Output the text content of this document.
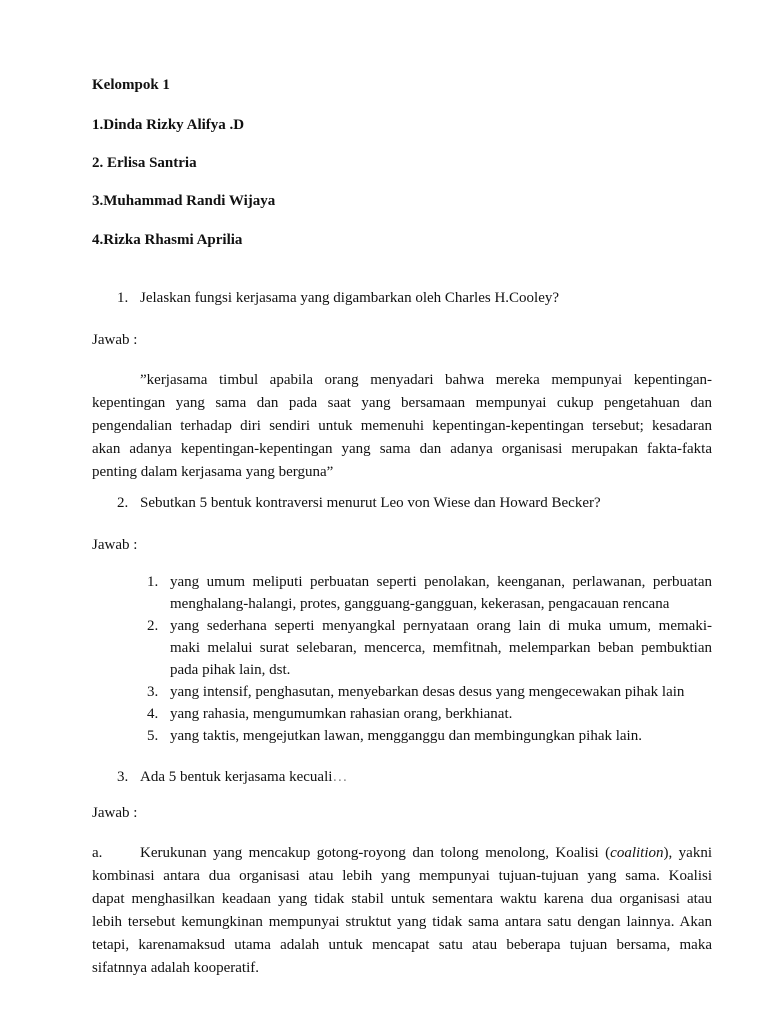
Kelompok 1
1.Dinda Rizky Alifya .D
2. Erlisa Santria
3.Muhammad Randi Wijaya
4.Rizka Rhasmi Aprilia
1. Jelaskan fungsi kerjasama yang digambarkan oleh Charles H.Cooley?
Jawab :
”kerjasama timbul apabila orang menyadari bahwa mereka mempunyai kepentingan-
kepentingan yang sama dan pada saat yang bersamaan mempunyai cukup pengetahuan dan
pengendalian terhadap diri sendiri untuk memenuhi kepentingan-kepentingan tersebut; kesadaran
akan adanya kepentingan-kepentingan yang sama dan adanya organisasi merupakan fakta-fakta
penting dalam kerjasama yang berguna”
2. Sebutkan 5 bentuk kontraversi menurut Leo von Wiese dan Howard Becker?
Jawab :
1. yang umum meliputi perbuatan seperti penolakan, keenganan, perlawanan, perbuatan
menghalang-halangi, protes, gangguang-gangguan, kekerasan, pengacauan rencana
2. yang sederhana seperti menyangkal pernyataan orang lain di muka umum, memaki-
maki melalui surat selebaran, mencerca, memfitnah, melemparkan beban pembuktian
pada pihak lain, dst.
3. yang intensif, penghasutan, menyebarkan desas desus yang mengecewakan pihak lain
4. yang rahasia, mengumumkan rahasian orang, berkhianat.
5. yang taktis, mengejutkan lawan, mengganggu dan membingungkan pihak lain.
3. Ada 5 bentuk kerjasama kecuali…
Jawab :
a.	Kerukunan yang mencakup gotong-royong dan tolong menolong, Koalisi (coalition), yakni
kombinasi antara dua organisasi atau lebih yang mempunyai tujuan-tujuan yang sama. Koalisi
dapat menghasilkan keadaan yang tidak stabil untuk sementara waktu karena dua organisasi atau
lebih tersebut kemungkinan mempunyai struktut yang tidak sama antara satu dengan lainnya. Akan
tetapi, karenamaksud utama adalah untuk mencapat satu atau beberapa tujuan bersama, maka
sifatnnya adalah kooperatif.
